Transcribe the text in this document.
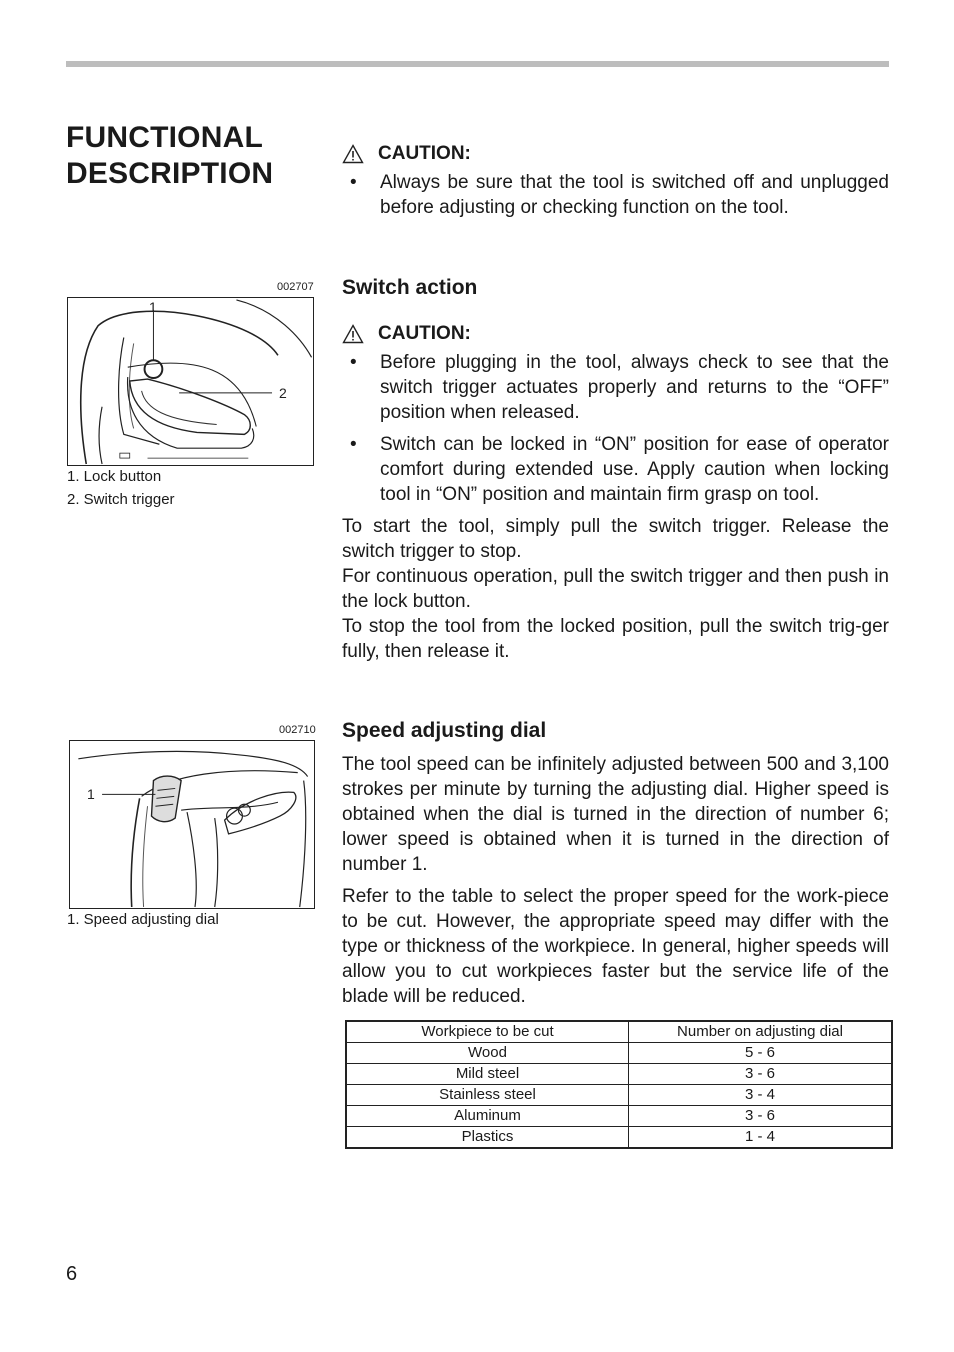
FUNCTIONAL
DESCRIPTION
CAUTION:
•	Always be sure that the tool is switched off and unplugged before adjusting or checking function on the tool.
Switch action
CAUTION:
•	Before plugging in the tool, always check to see that the switch trigger actuates properly and returns to the “OFF” position when released.
•	Switch can be locked in “ON” position for ease of operator comfort during extended use. Apply caution when locking tool in “ON” position and maintain firm grasp on tool.
To start the tool, simply pull the switch trigger. Release the switch trigger to stop.
For continuous operation, pull the switch trigger and then push in the lock button.
To stop the tool from the locked position, pull the switch trig-ger fully, then release it.
Speed adjusting dial
The tool speed can be infinitely adjusted between 500 and 3,100 strokes per minute by turning the adjusting dial. Higher speed is obtained when the dial is turned in the direction of number 6; lower speed is obtained when it is turned in the direction of number 1.
Refer to the table to select the proper speed for the work-piece to be cut. However, the appropriate speed may differ with the type or thickness of the workpiece. In general, higher speeds will allow you to cut workpieces faster but the service life of the blade will be reduced.
002707
1
2
1. Lock button
2. Switch trigger
002710
1
1. Speed adjusting dial
Workpiece to be cut	Number on adjusting dial
Wood	5 - 6
Mild steel	3 - 6
Stainless steel	3 - 4
Aluminum	3 - 6
Plastics	1 - 4
6
